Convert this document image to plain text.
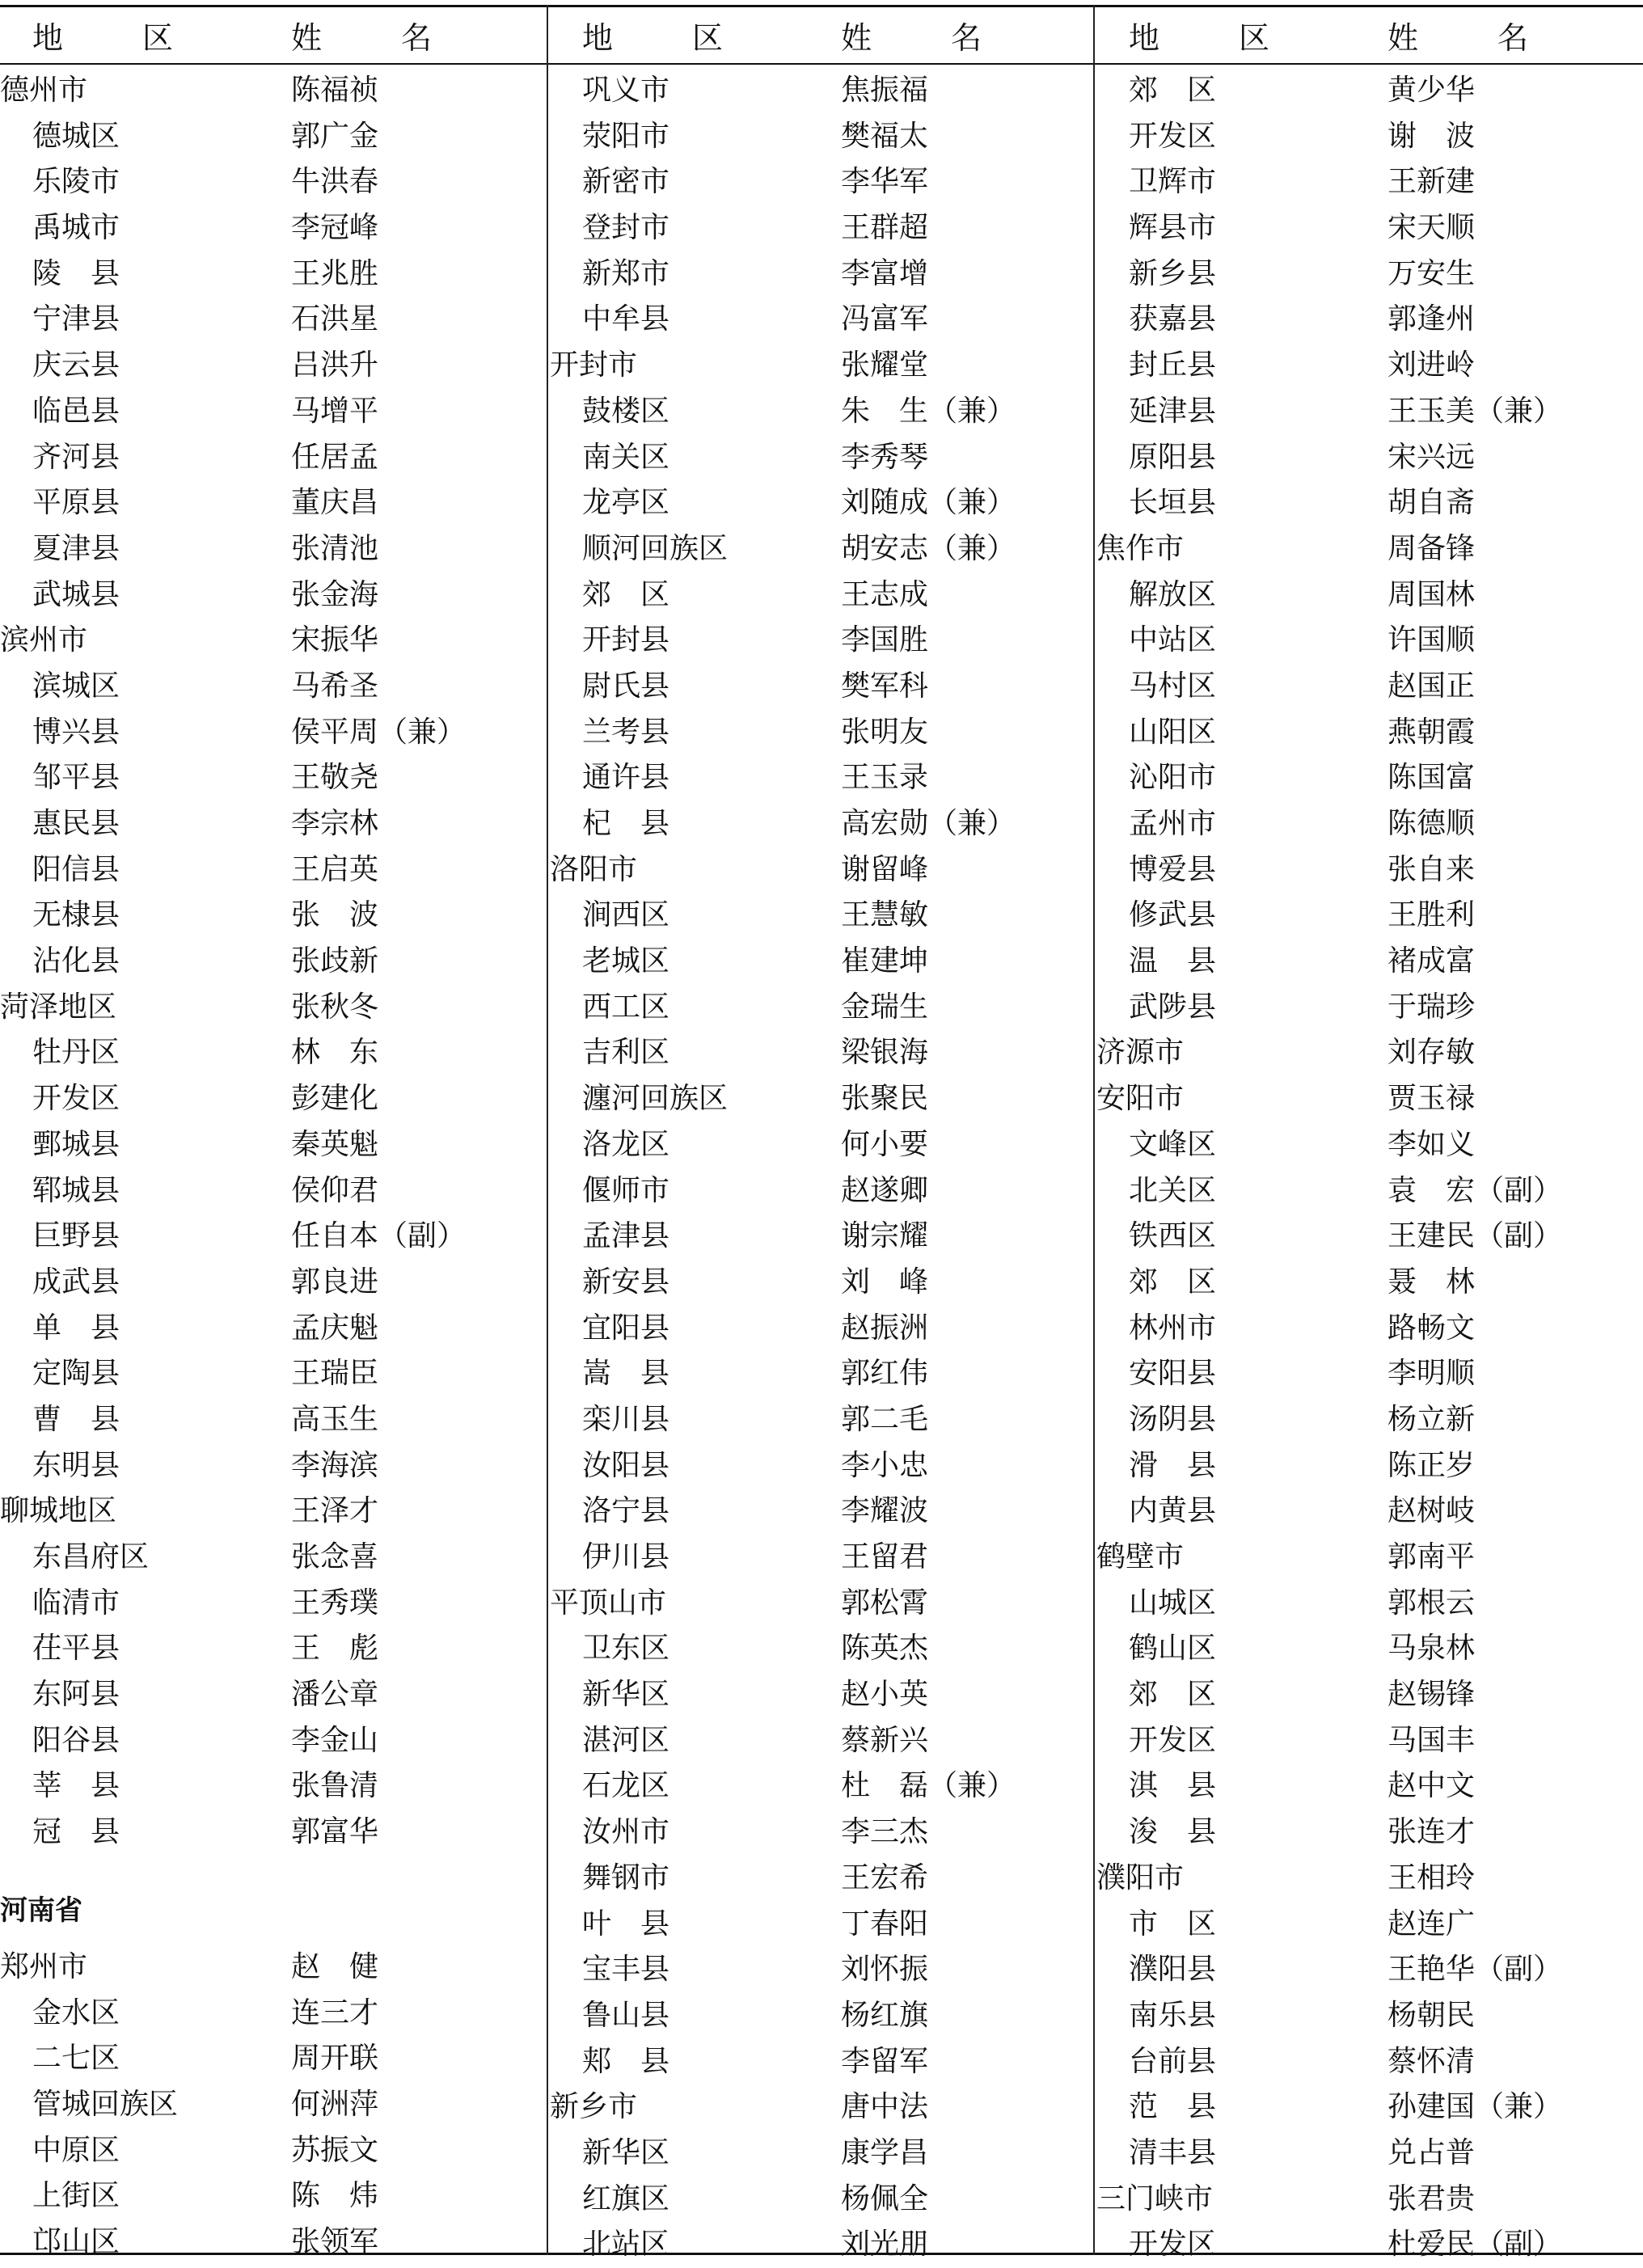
地　区	姓　名
德州市	陈福祯
德城区	郭广金
乐陵市	牛洪春
禹城市	李冠峰
陵　县	王兆胜
宁津县	石洪星
庆云县	吕洪升
临邑县	马增平
齐河县	任居孟
平原县	董庆昌
夏津县	张清池
武城县	张金海
滨州市	宋振华
滨城区	马希圣
博兴县	侯平周（兼）
邹平县	王敬尧
惠民县	李宗林
阳信县	王启英
无棣县	张　波
沾化县	张歧新
菏泽地区	张秋冬
牡丹区	林　东
开发区	彭建化
鄄城县	秦英魁
郓城县	侯仰君
巨野县	任自本（副）
成武县	郭良进
单　县	孟庆魁
定陶县	王瑞臣
曹　县	高玉生
东明县	李海滨
聊城地区	王泽才
东昌府区	张念喜
临清市	王秀璞
茌平县	王　彪
东阿县	潘公章
阳谷县	李金山
莘　县	张鲁清
冠　县	郭富华
河南省
郑州市	赵　健
金水区	连三才
二七区	周开联
管城回族区	何洲萍
中原区	苏振文
上街区	陈　炜
邙山区	张领军
地　区	姓　名
巩义市	焦振福
荥阳市	樊福太
新密市	李华军
登封市	王群超
新郑市	李富增
中牟县	冯富军
开封市	张耀堂
鼓楼区	朱　生（兼）
南关区	李秀琴
龙亭区	刘随成（兼）
顺河回族区	胡安志（兼）
郊　区	王志成
开封县	李国胜
尉氏县	樊军科
兰考县	张明友
通许县	王玉录
杞　县	高宏勋（兼）
洛阳市	谢留峰
涧西区	王慧敏
老城区	崔建坤
西工区	金瑞生
吉利区	梁银海
瀍河回族区	张聚民
洛龙区	何小要
偃师市	赵遂卿
孟津县	谢宗耀
新安县	刘　峰
宜阳县	赵振洲
嵩　县	郭红伟
栾川县	郭二毛
汝阳县	李小忠
洛宁县	李耀波
伊川县	王留君
平顶山市	郭松霄
卫东区	陈英杰
新华区	赵小英
湛河区	蔡新兴
石龙区	杜　磊（兼）
汝州市	李三杰
舞钢市	王宏希
叶　县	丁春阳
宝丰县	刘怀振
鲁山县	杨红旗
郏　县	李留军
新乡市	唐中法
新华区	康学昌
红旗区	杨佩全
北站区	刘光朋
地　区	姓　名
郊　区	黄少华
开发区	谢　波
卫辉市	王新建
辉县市	宋天顺
新乡县	万安生
获嘉县	郭逢州
封丘县	刘进岭
延津县	王玉美（兼）
原阳县	宋兴远
长垣县	胡自斋
焦作市	周备锋
解放区	周国林
中站区	许国顺
马村区	赵国正
山阳区	燕朝霞
沁阳市	陈国富
孟州市	陈德顺
博爱县	张自来
修武县	王胜利
温　县	褚成富
武陟县	于瑞珍
济源市	刘存敏
安阳市	贾玉禄
文峰区	李如义
北关区	袁　宏（副）
铁西区	王建民（副）
郊　区	聂　林
林州市	路畅文
安阳县	李明顺
汤阴县	杨立新
滑　县	陈正岁
内黄县	赵树岐
鹤壁市	郭南平
山城区	郭根云
鹤山区	马泉林
郊　区	赵锡锋
开发区	马国丰
淇　县	赵中文
浚　县	张连才
濮阳市	王相玲
市　区	赵连广
濮阳县	王艳华（副）
南乐县	杨朝民
台前县	蔡怀清
范　县	孙建国（兼）
清丰县	兑占普
三门峡市	张君贵
开发区	杜爱民（副）
